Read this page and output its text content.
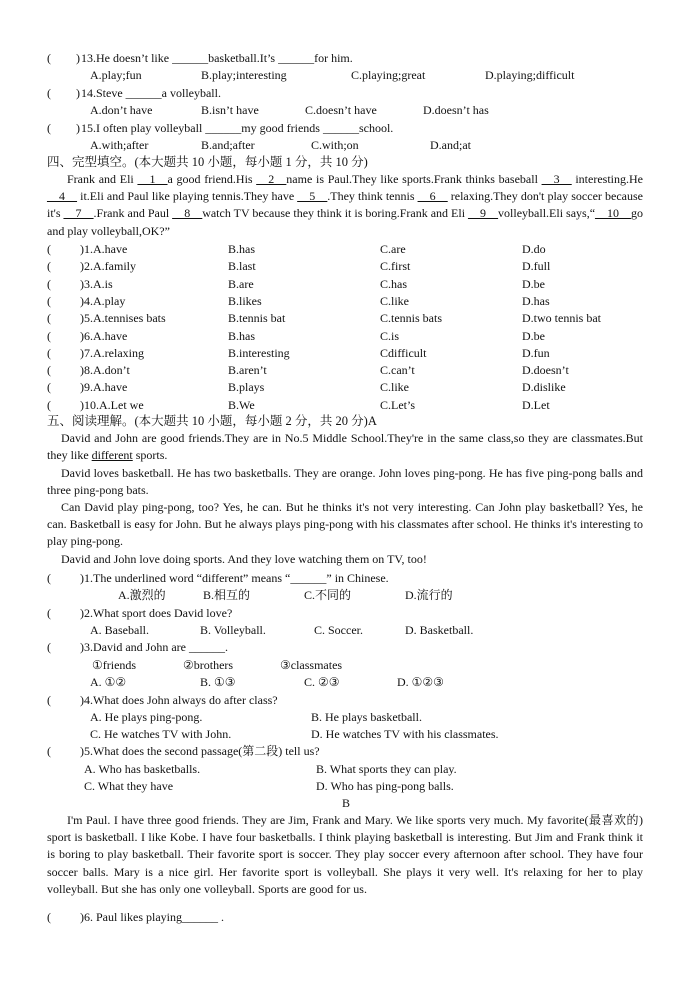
(	13.He doesn’t like ______basketball.It’s ______for him.
)
A.play;fun	B.play;interesting	C.playing;great	D.playing;difficult
( ) 14.Steve ______a volleyball.
A.don’t have	B.isn’t have	C.doesn’t have	D.doesn’t has
( ) 15.I often play volleyball ______my good friends ______school.
A.with;after	B.and;after	C.with;on	D.and;at
四、完型填空。(本大题共 10 小题，每小题 1 分，共 10 分)
Frank and Eli __1__a good friend.His __2__name is Paul.They like sports.Frank thinks baseball __3__ interesting.He __4__ it.Eli and Paul like playing tennis.They have __5__.They think tennis __6__ relaxing.They don't play soccer because it's __7__.Frank and Paul __8__watch TV because they think it is boring.Frank and Eli __9__volleyball.Eli says,“__10__go and play volleyball,OK?”
( ) 1.A.have	B.has	C.are	D.do
( ) 2.A.family	B.last	C.first	D.full
( ) 3.A.is	B.are	C.has	D.be
( ) 4.A.play	B.likes	C.like	D.has
( ) 5.A.tennises bats	B.tennis bat	C.tennis bats	D.two tennis bat
( ) 6.A.have	B.has	C.is	D.be
( ) 7.A.relaxing	B.interesting	Cdifficult	D.fun
( ) 8.A.don’t	B.aren’t	C.can’t	D.doesn’t
( ) 9.A.have	B.plays	C.like	D.dislike
( ) 10.A.Let we	B.We	C.Let’s	D.Let
五、阅读理解。(本大题共 10 小题，每小题 2 分，共 20 分)A
David and John are good friends.They are in No.5 Middle School.They're in the same class,so they are classmates.But they like different sports.
David loves basketball. He has two basketballs. They are orange. John loves ping-pong. He has five ping-pong balls and three ping-pong bats.
Can David play ping-pong, too? Yes, he can. But he thinks it's not very interesting. Can John play basketball? Yes, he can. Basketball is easy for John. But he always plays ping-pong with his classmates after school. He thinks it's interesting to play ping-pong.
David and John love doing sports. And they love watching them on TV, too!
( ) 1.The underlined word “different” means “______” in Chinese.
A.激烈的	B.相互的	C.不同的	D.流行的
( ) 2.What sport does David love?
A. Baseball.	B. Volleyball.	C. Soccer.	D. Basketball.
( ) 3.David and John are ______.
①friends	②brothers	③classmates
A. ①②	B. ①③	C. ②③	D. ①②③
( ) 4.What does John always do after class?
A. He plays ping-pong.	B. He plays basketball.
C. He watches TV with John.	D. He watches TV with his classmates.
( ) 5.What does the second passage(第二段) tell us?
A. Who has basketballs.	B. What sports they can play.
C. What they have	D. Who has ping-pong balls.
B
I'm Paul. I have three good friends. They are Jim, Frank and Mary. We like sports very much. My favorite(最喜欢的) sport is basketball. I like Kobe. I have four basketballs. I think playing basketball is interesting. But Jim and Frank think it is boring to play basketball. Their favorite sport is soccer. They play soccer every afternoon after school. They have four soccer balls. Mary is a nice girl. Her favorite sport is volleyball. She plays it very well. It's relaxing for her to play volleyball. But she has only one volleyball. Sports are good for us.
( ) 6. Paul likes playing______ .
